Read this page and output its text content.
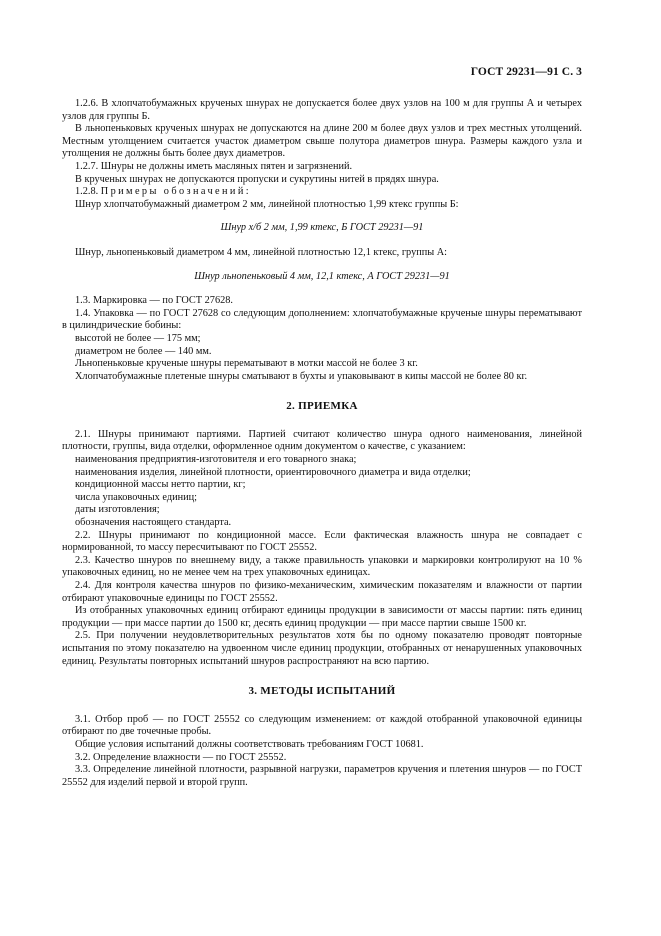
ГОСТ 29231—91 С. 3

1.2.6. В хлопчатобумажных крученых шнурах не допускается более двух узлов на 100 м для группы А и четырех узлов для группы Б.

В льнопеньковых крученых шнурах не допускаются на длине 200 м более двух узлов и трех местных утолщений. Местным утолщением считается участок диаметром свыше полутора диаметров шнура. Размеры каждого узла и утолщения не должны быть более двух диаметров.

1.2.7. Шнуры не должны иметь масляных пятен и загрязнений.

В крученых шнурах не допускаются пропуски и сукрутины нитей в прядях шнура.

1.2.8. Примеры обозначений:

Шнур хлопчатобумажный диаметром 2 мм, линейной плотностью 1,99 ктекс группы Б:

Шнур х/б 2 мм, 1,99 ктекс, Б ГОСТ 29231—91

Шнур, льнопеньковый диаметром 4 мм, линейной плотностью 12,1 ктекс, группы А:

Шнур льнопеньковый 4 мм, 12,1 ктекс, А ГОСТ 29231—91

1.3. Маркировка — по ГОСТ 27628.

1.4. Упаковка — по ГОСТ 27628 со следующим дополнением: хлопчатобумажные крученые шнуры перематывают в цилиндрические бобины:

высотой не более — 175 мм;

диаметром не более — 140 мм.

Льнопеньковые крученые шнуры перематывают в мотки массой не более 3 кг.

Хлопчатобумажные плетеные шнуры сматывают в бухты и упаковывают в кипы массой не более 80 кг.

2. ПРИЕМКА

2.1. Шнуры принимают партиями. Партией считают количество шнура одного наименования, линейной плотности, группы, вида отделки, оформленное одним документом о качестве, с указанием:

наименования предприятия-изготовителя и его товарного знака;

наименования изделия, линейной плотности, ориентировочного диаметра и вида отделки;

кондиционной массы нетто партии, кг;

числа упаковочных единиц;

даты изготовления;

обозначения настоящего стандарта.

2.2. Шнуры принимают по кондиционной массе. Если фактическая влажность шнура не совпадает с нормированной, то массу пересчитывают по ГОСТ 25552.

2.3. Качество шнуров по внешнему виду, а также правильность упаковки и маркировки контролируют на 10 % упаковочных единиц, но не менее чем на трех упаковочных единицах.

2.4. Для контроля качества шнуров по физико-механическим, химическим показателям и влажности от партии отбирают упаковочные единицы по ГОСТ 25552.

Из отобранных упаковочных единиц отбирают единицы продукции в зависимости от массы партии: пять единиц продукции — при массе партии до 1500 кг, десять единиц продукции — при массе партии свыше 1500 кг.

2.5. При получении неудовлетворительных результатов хотя бы по одному показателю проводят повторные испытания по этому показателю на удвоенном числе единиц продукции, отобранных от ненарушенных упаковочных единиц. Результаты повторных испытаний шнуров распространяют на всю партию.

3. МЕТОДЫ ИСПЫТАНИЙ

3.1. Отбор проб — по ГОСТ 25552 со следующим изменением: от каждой отобранной упаковочной единицы отбирают по две точечные пробы.

Общие условия испытаний должны соответствовать требованиям ГОСТ 10681.

3.2. Определение влажности — по ГОСТ 25552.

3.3. Определение линейной плотности, разрывной нагрузки, параметров кручения и плетения шнуров — по ГОСТ 25552 для изделий первой и второй групп.
